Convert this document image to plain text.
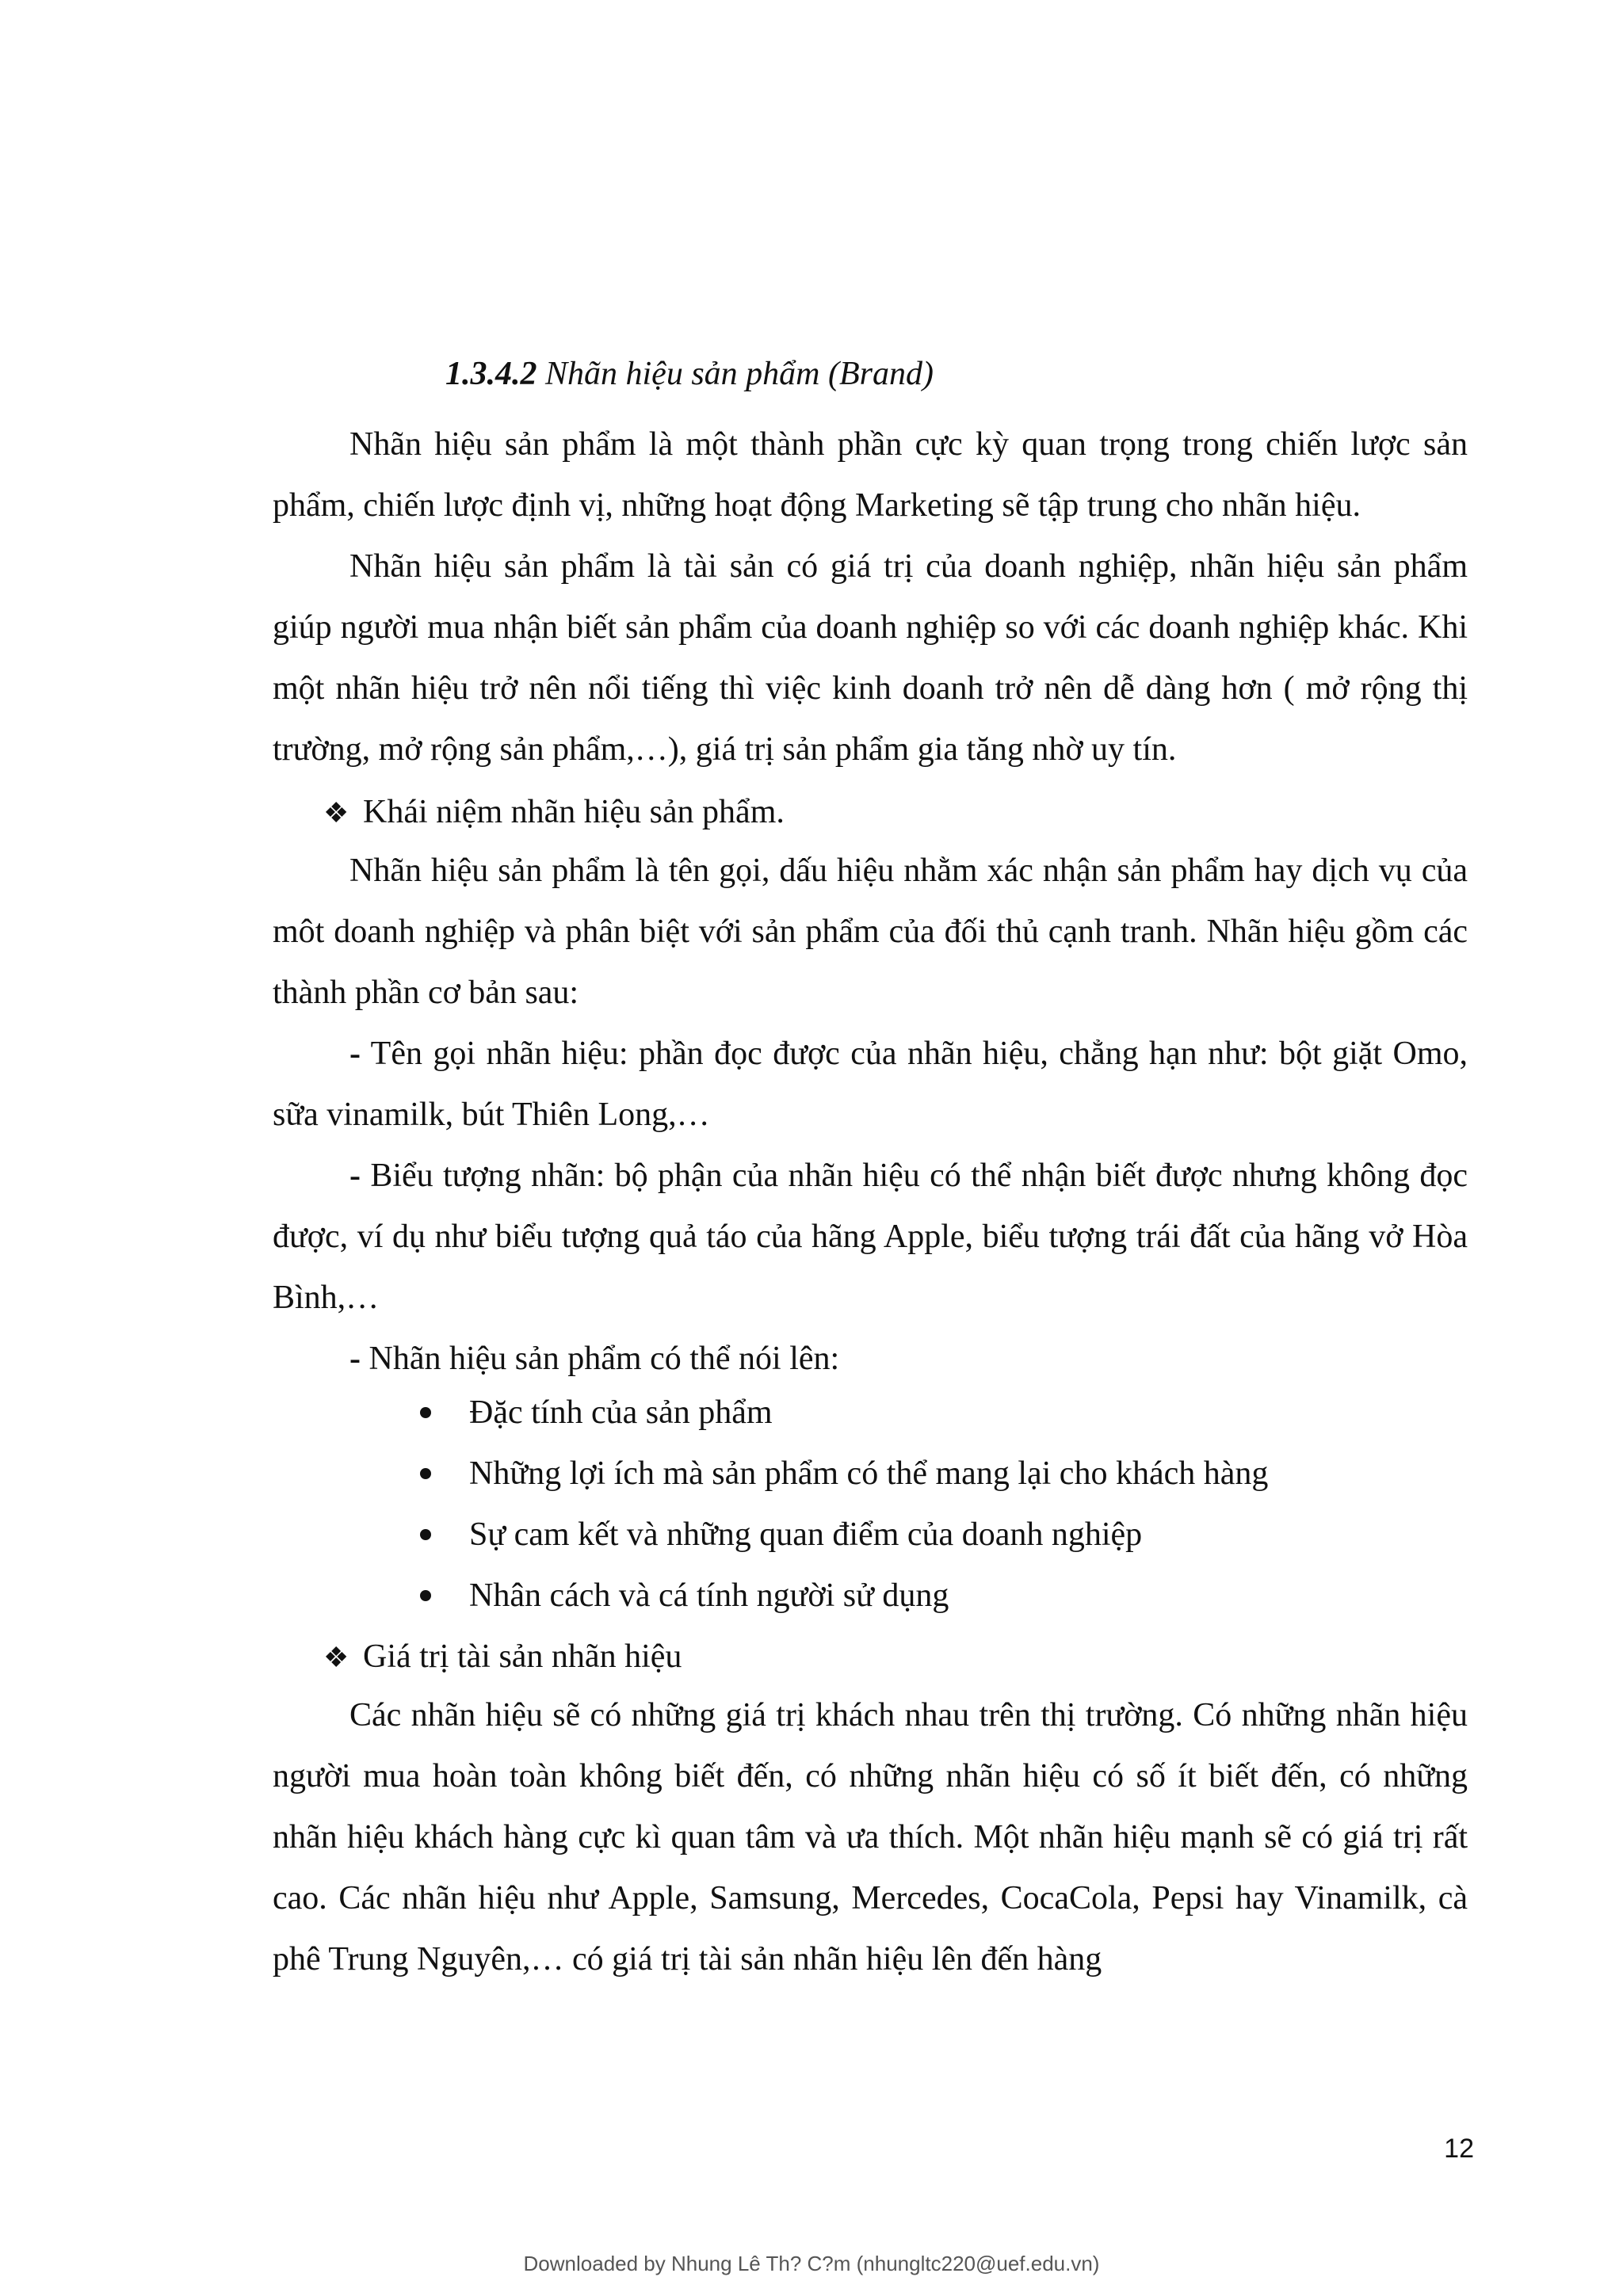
1.3.4.2 Nhãn hiệu sản phẩm (Brand)
Nhãn hiệu sản phẩm là một thành phần cực kỳ quan trọng trong chiến lược sản phẩm, chiến lược định vị, những hoạt động Marketing sẽ tập trung cho nhãn hiệu.
Nhãn hiệu sản phẩm là tài sản có giá trị của doanh nghiệp, nhãn hiệu sản phẩm giúp người mua nhận biết sản phẩm của doanh nghiệp so với các doanh nghiệp khác. Khi một nhãn hiệu trở nên nổi tiếng thì việc kinh doanh trở nên dễ dàng hơn ( mở rộng thị trường, mở rộng sản phẩm,…), giá trị sản phẩm gia tăng nhờ uy tín.
❖ Khái niệm nhãn hiệu sản phẩm.
Nhãn hiệu sản phẩm là tên gọi, dấu hiệu nhằm xác nhận sản phẩm hay dịch vụ của môt doanh nghiệp và phân biệt với sản phẩm của đối thủ cạnh tranh. Nhãn hiệu gồm các thành phần cơ bản sau:
- Tên gọi nhãn hiệu: phần đọc được của nhãn hiệu, chẳng hạn như: bột giặt Omo, sữa vinamilk, bút Thiên Long,…
- Biểu tượng nhãn: bộ phận của nhãn hiệu có thể nhận biết được nhưng không đọc được, ví dụ như biểu tượng quả táo của hãng Apple, biểu tượng trái đất của hãng vở Hòa Bình,…
- Nhãn hiệu sản phẩm có thể nói lên:
Đặc tính của sản phẩm
Những lợi ích mà sản phẩm có thể mang lại cho khách hàng
Sự cam kết và những quan điểm của doanh nghiệp
Nhân cách và cá tính người sử dụng
❖ Giá trị tài sản nhãn hiệu
Các nhãn hiệu sẽ có những giá trị khách nhau trên thị trường. Có những nhãn hiệu người mua hoàn toàn không biết đến, có những nhãn hiệu có số ít biết đến, có những nhãn hiệu khách hàng cực kì quan tâm và ưa thích. Một nhãn hiệu mạnh sẽ có giá trị rất cao. Các nhãn hiệu như Apple, Samsung, Mercedes, CocaCola, Pepsi hay Vinamilk, cà phê Trung Nguyên,… có giá trị tài sản nhãn hiệu lên đến hàng
12
Downloaded by Nhung Lê Th? C?m (nhungltc220@uef.edu.vn)
